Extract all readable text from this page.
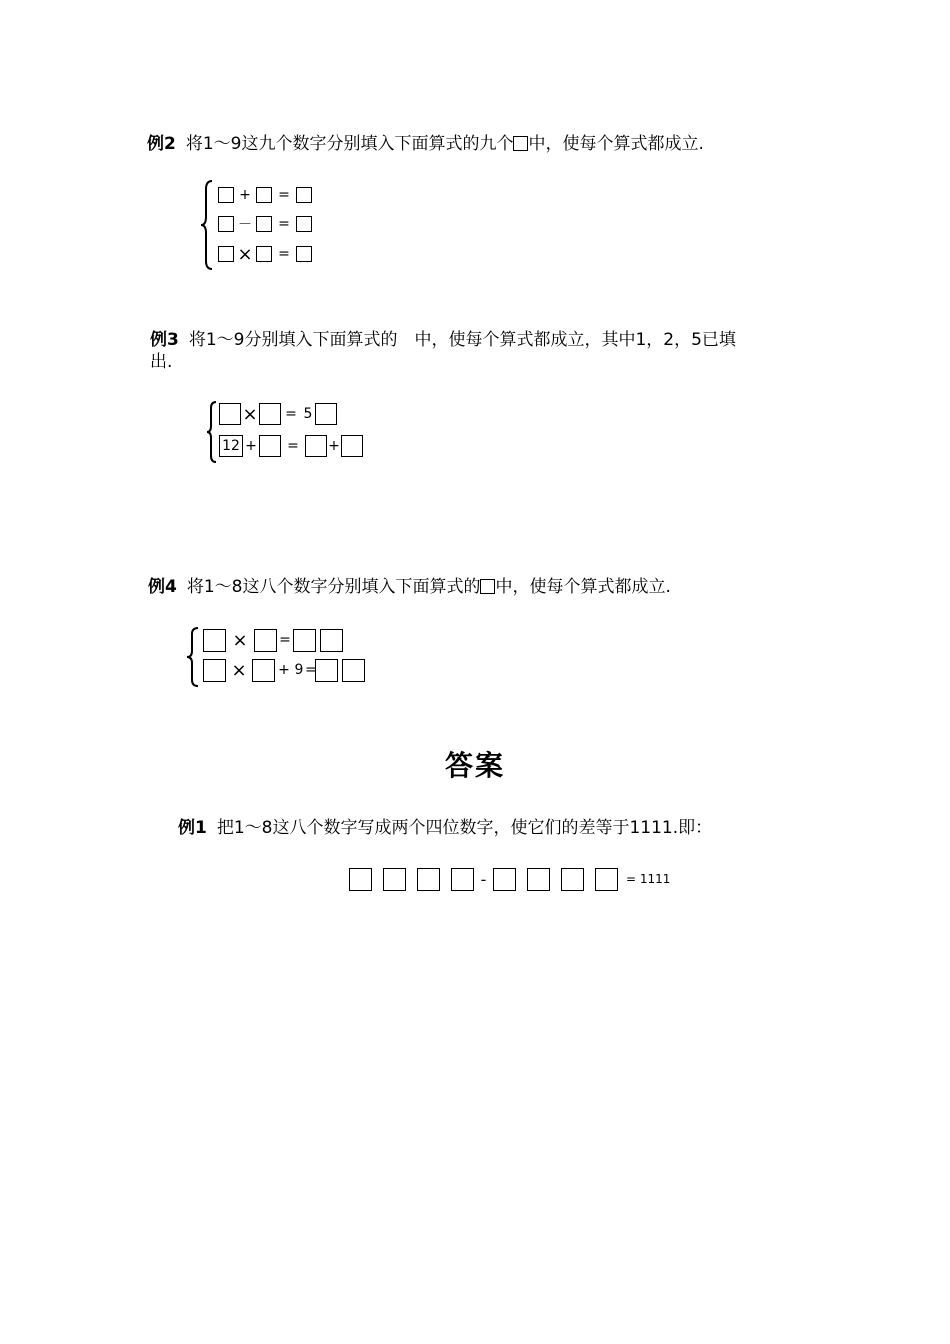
例2 将1～9这九个数字分别填入下面算式的九个 中，使每个算式都成立.
+	=
－	=
×	=
例3 将1～9分别填入下面算式的　中，使每个算式都成立，其中1，2，5已填
出.
× = 5
12 +	=	+
例4 将1～8这八个数字分别填入下面算式的 中，使每个算式都成立.
×	=
×	+ 9 =
答案
例1 把1～8这八个数字写成两个四位数字，使它们的差等于1111.即：
-	= 1111
